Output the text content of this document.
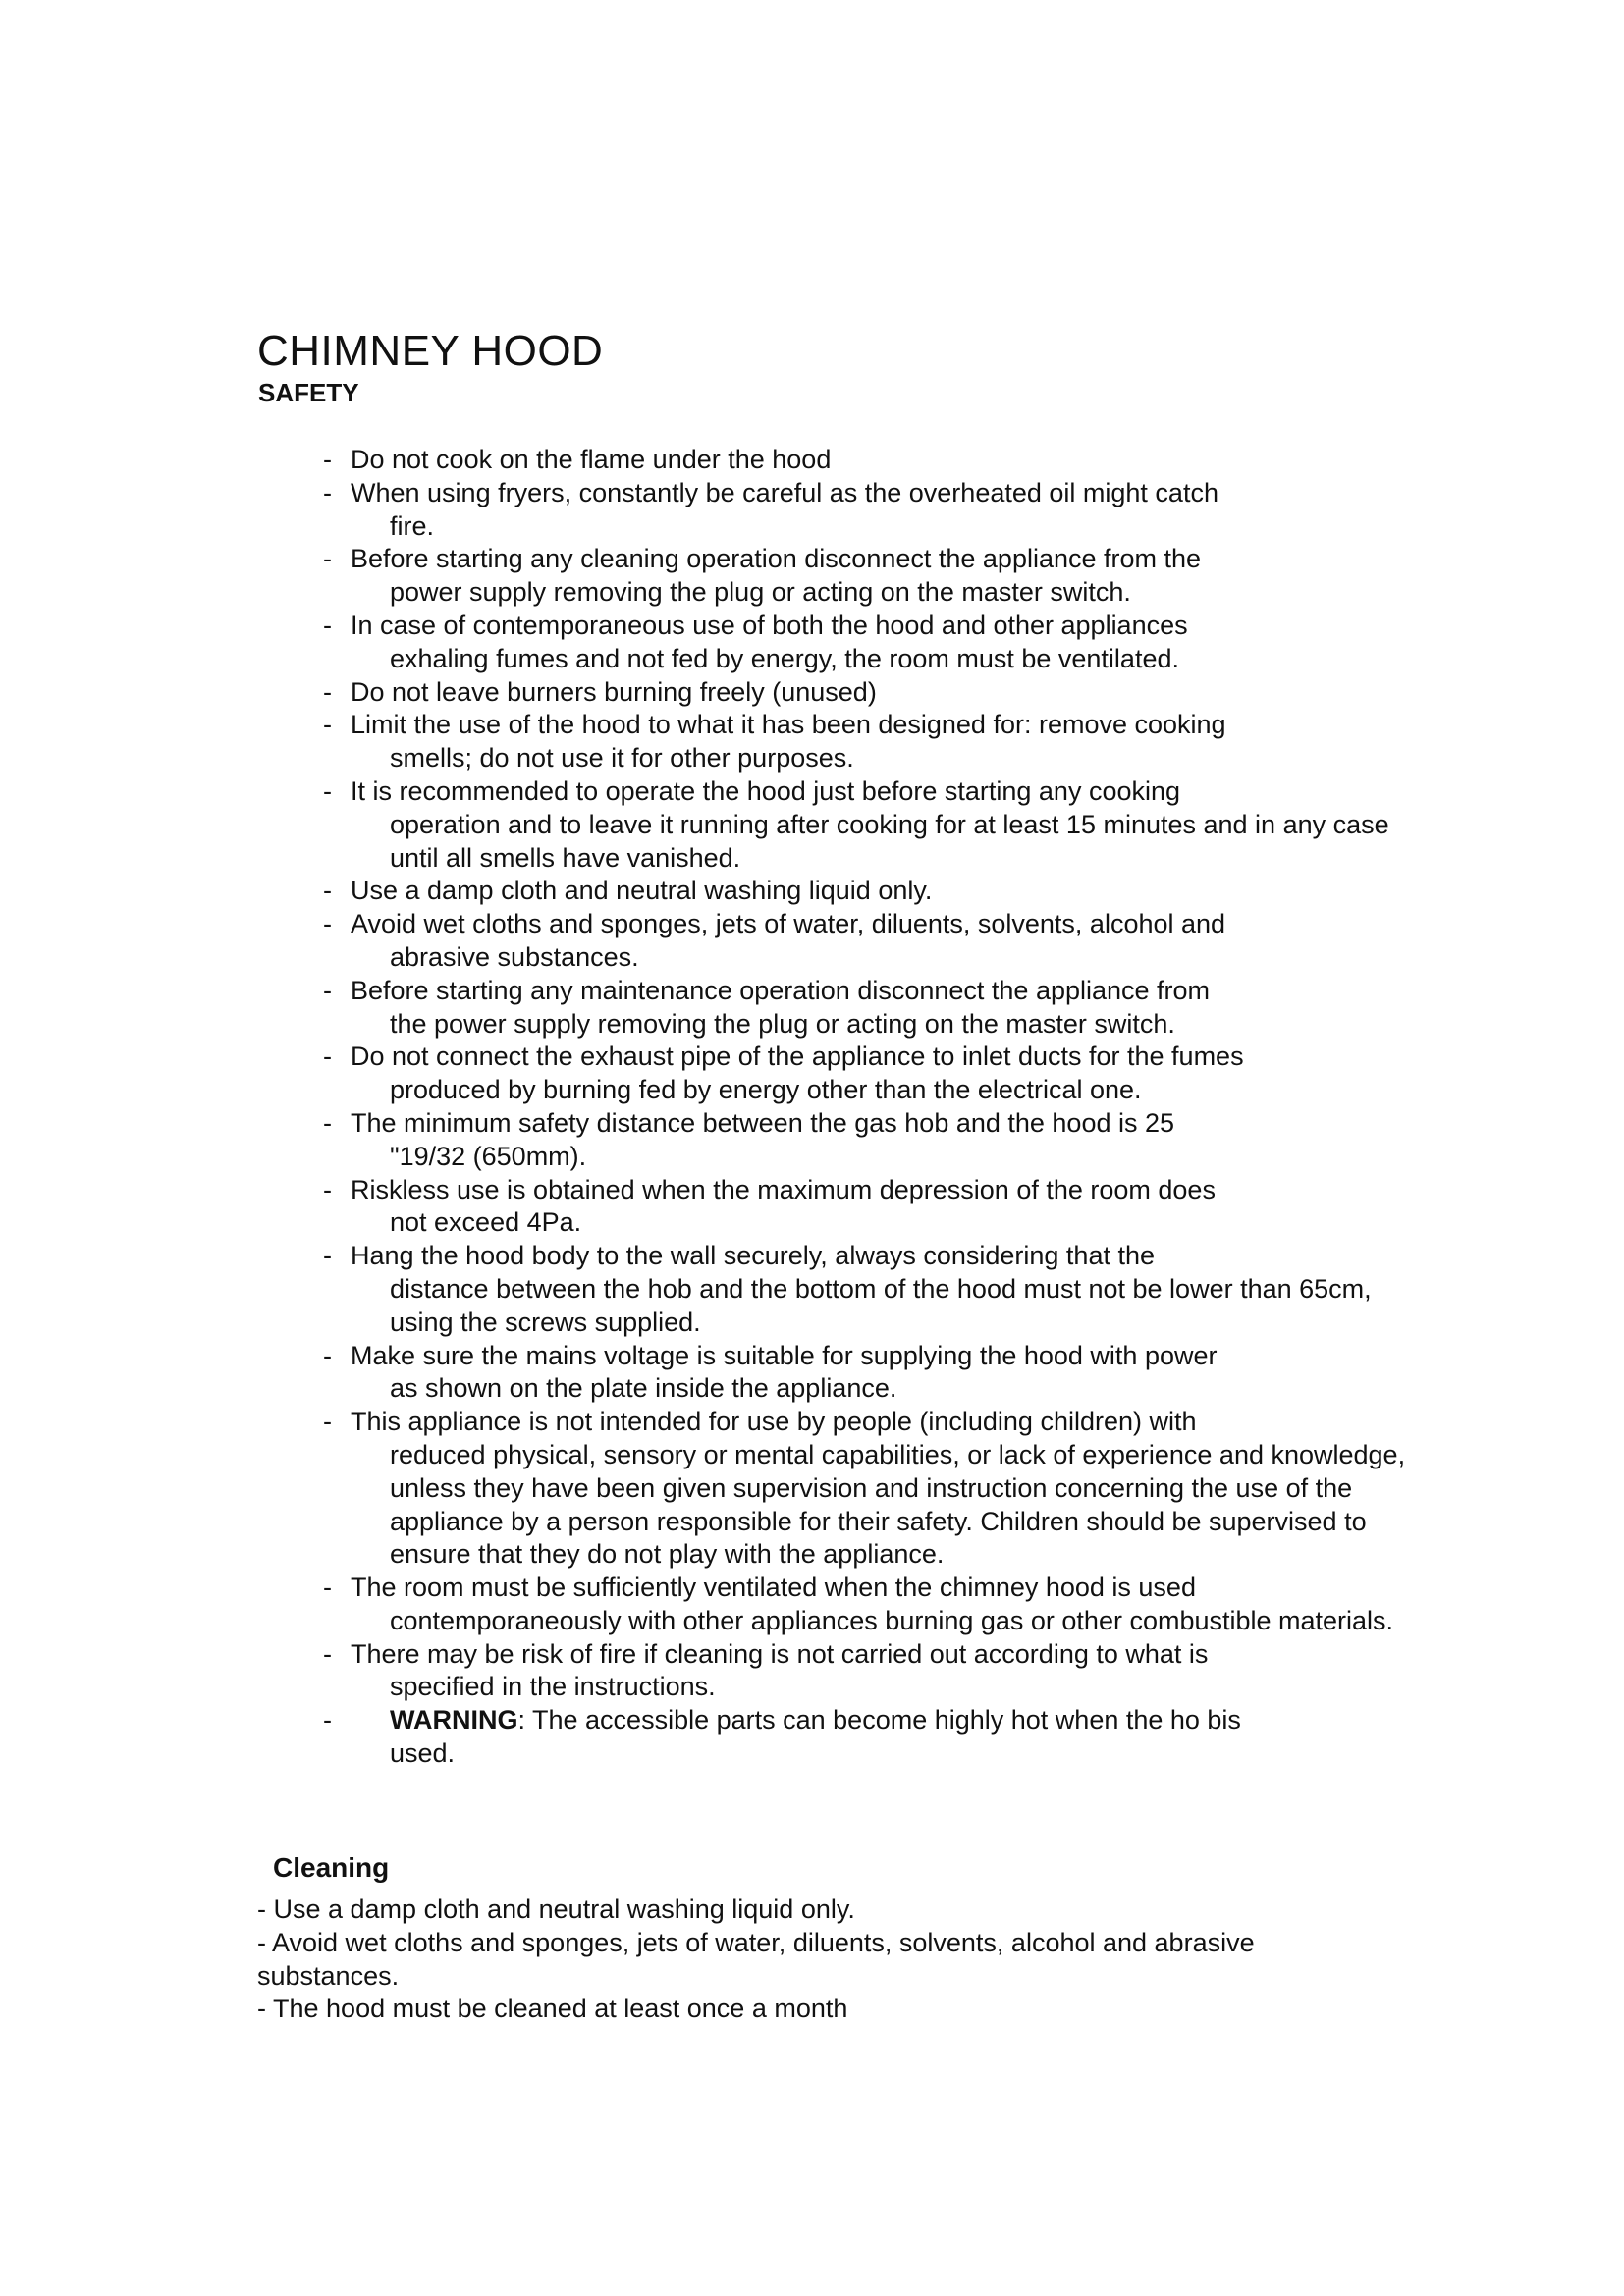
CHIMNEY HOOD
SAFETY
- Do not cook on the flame under the hood
- When using fryers, constantly be careful as the overheated oil might catch
fire.
- Before starting any cleaning operation disconnect the appliance from the
power supply removing the plug or acting on the master switch.
- In case of contemporaneous use of both the hood and other appliances
exhaling fumes and not fed by energy, the room must be ventilated.
- Do not leave burners burning freely (unused)
- Limit the use of the hood to what it has been designed for: remove cooking
smells; do not use it for other purposes.
- It is recommended to operate the hood just before starting any cooking
operation and to leave it running after cooking for at least 15 minutes and in any case until all smells have vanished.
- Use a damp cloth and neutral washing liquid only.
- Avoid wet cloths and sponges, jets of water, diluents, solvents, alcohol and
abrasive substances.
- Before starting any maintenance operation disconnect the appliance from
the power supply removing the plug or acting on the master switch.
- Do not connect the exhaust pipe of the appliance to inlet ducts for the fumes
produced by burning fed by energy other than the electrical one.
- The minimum safety distance between the gas hob and the hood is 25
"19/32 (650mm).
- Riskless use is obtained when the maximum depression of the room does
not exceed 4Pa.
- Hang the hood body to the wall securely, always considering that the
distance between the hob and the bottom of the hood must not be lower than 65cm, using the screws supplied.
- Make sure the mains voltage is suitable for supplying the hood with power
as shown on the plate inside the appliance.
- This appliance is not intended for use by people (including children) with
reduced physical, sensory or mental capabilities, or lack of experience and knowledge, unless they have been given supervision and instruction concerning the use of the appliance by a person responsible for their safety. Children should be supervised to ensure that they do not play with the appliance.
- The room must be sufficiently ventilated when the chimney hood is used
contemporaneously with other appliances burning gas or other combustible materials.
- There may be risk of fire if cleaning is not carried out according to what is
specified in the instructions.
-	WARNING: The accessible parts can become highly hot when the ho bis
used.
Cleaning

- Use a damp cloth and neutral washing liquid only.

- Avoid wet cloths and sponges, jets of water, diluents, solvents, alcohol and abrasive substances.

- The hood must be cleaned at least once a month
